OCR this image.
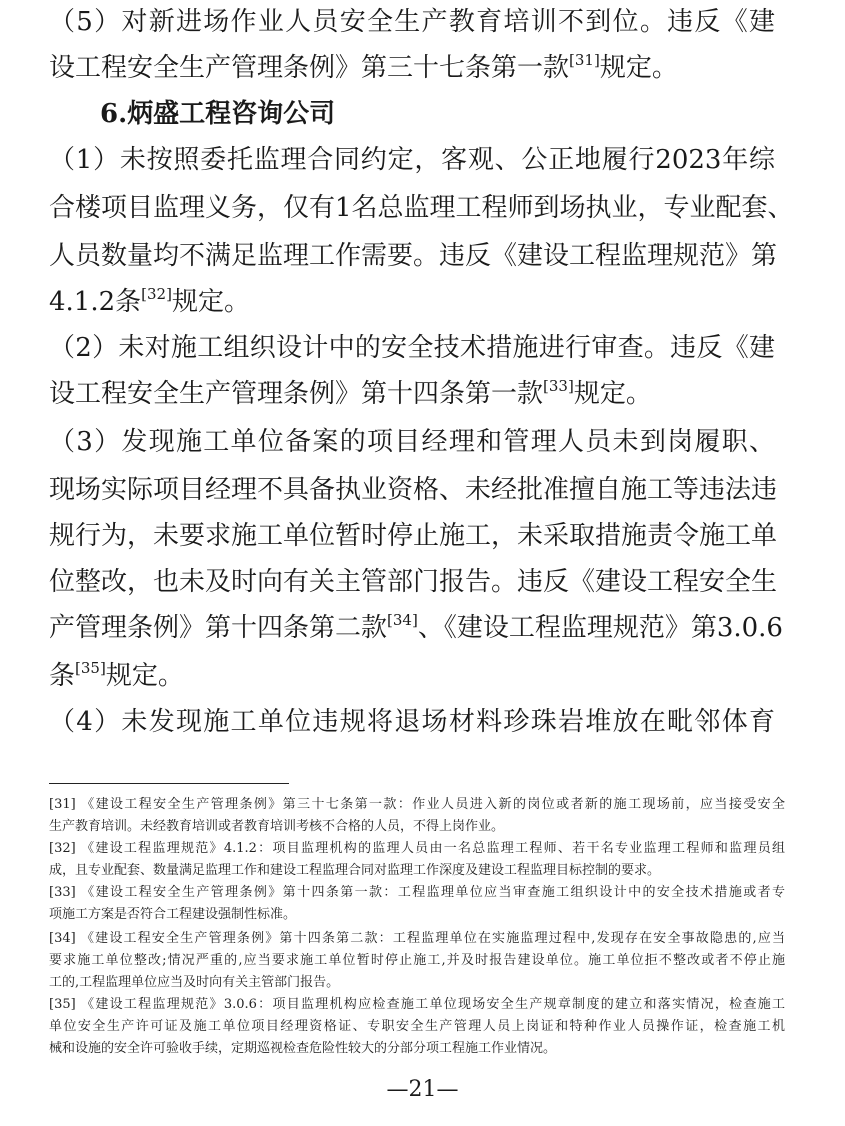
（5）对新进场作业人员安全生产教育培训不到位。违反《建
设工程安全生产管理条例》第三十七条第一款[31]规定。
6.炳盛工程咨询公司
（1）未按照委托监理合同约定，客观、公正地履行2023年综
合楼项目监理义务，仅有1名总监理工程师到场执业，专业配套、
人员数量均不满足监理工作需要。违反《建设工程监理规范》第
4.1.2条[32]规定。
（2）未对施工组织设计中的安全技术措施进行审查。违反《建
设工程安全生产管理条例》第十四条第一款[33]规定。
（3）发现施工单位备案的项目经理和管理人员未到岗履职、
现场实际项目经理不具备执业资格、未经批准擅自施工等违法违
规行为，未要求施工单位暂时停止施工，未采取措施责令施工单
位整改，也未及时向有关主管部门报告。违反《建设工程安全生
产管理条例》第十四条第二款[34]、《建设工程监理规范》第3.0.6
条[35]规定。
（4）未发现施工单位违规将退场材料珍珠岩堆放在毗邻体育
[31] 《建设工程安全生产管理条例》第三十七条第一款：作业人员进入新的岗位或者新的施工现场前，应当接受安全
生产教育培训。未经教育培训或者教育培训考核不合格的人员，不得上岗作业。
[32] 《建设工程监理规范》4.1.2：项目监理机构的监理人员由一名总监理工程师、若干名专业监理工程师和监理员组
成，且专业配套、数量满足监理工作和建设工程监理合同对监理工作深度及建设工程监理目标控制的要求。
[33] 《建设工程安全生产管理条例》第十四条第一款：工程监理单位应当审查施工组织设计中的安全技术措施或者专
项施工方案是否符合工程建设强制性标准。
[34] 《建设工程安全生产管理条例》第十四条第二款：工程监理单位在实施监理过程中,发现存在安全事故隐患的,应当
要求施工单位整改;情况严重的,应当要求施工单位暂时停止施工,并及时报告建设单位。施工单位拒不整改或者不停止施
工的,工程监理单位应当及时向有关主管部门报告。
[35] 《建设工程监理规范》3.0.6：项目监理机构应检查施工单位现场安全生产规章制度的建立和落实情况，检查施工
单位安全生产许可证及施工单位项目经理资格证、专职安全生产管理人员上岗证和特种作业人员操作证，检查施工机
械和设施的安全许可验收手续，定期巡视检查危险性较大的分部分项工程施工作业情况。
—21—
